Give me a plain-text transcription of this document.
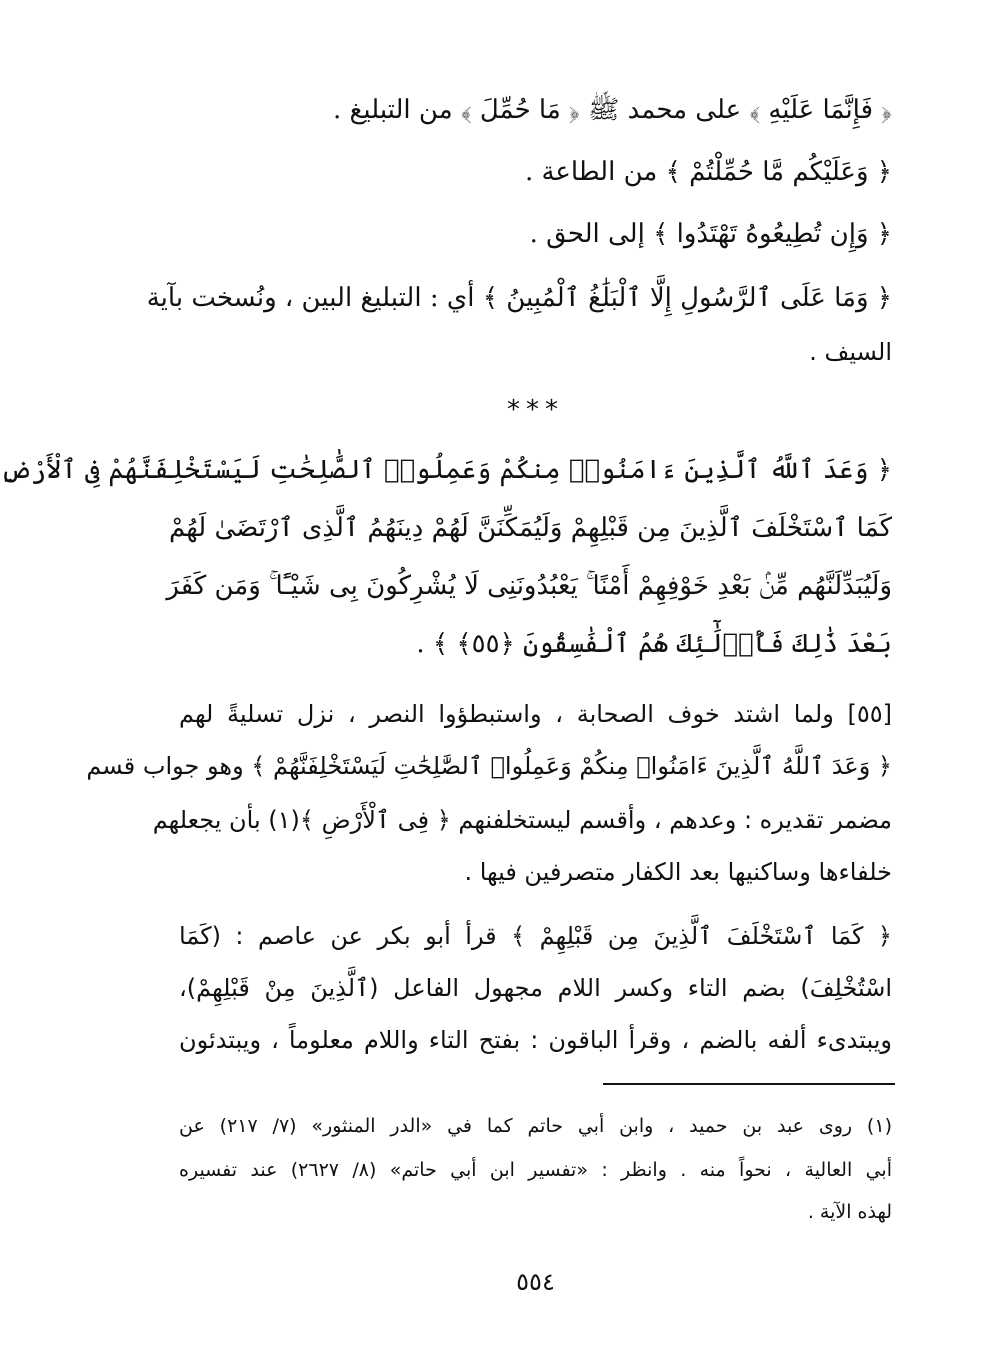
﴿ فَإِنَّمَا عَلَيْهِ ﴾ على محمد ﷺ ﴿ مَا حُمِّلَ ﴾ من التبليغ .
﴿ وَعَلَيْكُم مَّا حُمِّلْتُمْ ﴾ من الطاعة .
﴿ وَإِن تُطِيعُوهُ تَهْتَدُوا ﴾ إلى الحق .
﴿ وَمَا عَلَى ٱلرَّسُولِ إِلَّا ٱلْبَلَٰغُ ٱلْمُبِينُ ﴾ أي : التبليغ البين ، ونُسخت بآية
السيف .
***
﴿ وَعَدَ ٱللَّهُ ٱلَّذِينَ ءَامَنُوا۟ مِنكُمْ وَعَمِلُوا۟ ٱلصَّٰلِحَٰتِ لَيَسْتَخْلِفَنَّهُمْ فِى ٱلْأَرْضِ
كَمَا ٱسْتَخْلَفَ ٱلَّذِينَ مِن قَبْلِهِمْ وَلَيُمَكِّنَنَّ لَهُمْ دِينَهُمُ ٱلَّذِى ٱرْتَضَىٰ لَهُمْ
وَلَيُبَدِّلَنَّهُم مِّنۢ بَعْدِ خَوْفِهِمْ أَمْنًا ۚ يَعْبُدُونَنِى لَا يُشْرِكُونَ بِى شَيْـًٔا ۚ وَمَن كَفَرَ
بَعْدَ ذَٰلِكَ فَأُو۟لَٰٓئِكَ هُمُ ٱلْفَٰسِقُونَ ﴿٥٥﴾ ﴾ .
[٥٥] ولما اشتد خوف الصحابة ، واستبطؤوا النصر ، نزل تسليةً لهم
﴿ وَعَدَ ٱللَّهُ ٱلَّذِينَ ءَامَنُوا۟ مِنكُمْ وَعَمِلُوا۟ ٱلصَّٰلِحَٰتِ لَيَسْتَخْلِفَنَّهُمْ ﴾ وهو جواب قسم
مضمر تقديره : وعدهم ، وأقسم ليستخلفنهم ﴿ فِى ٱلْأَرْضِ ﴾(١) بأن يجعلهم
خلفاءها وساكنيها بعد الكفار متصرفين فيها .
﴿ كَمَا ٱسْتَخْلَفَ ٱلَّذِينَ مِن قَبْلِهِمْ ﴾ قرأ أبو بكر عن عاصم : (كَمَا
اسْتُخْلِفَ) بضم التاء وكسر اللام مجهول الفاعل (ٱلَّذِينَ مِنْ قَبْلِهِمْ)،
ويبتدىء ألفه بالضم ، وقرأ الباقون : بفتح التاء واللام معلوماً ، ويبتدئون
(١) روى عبد بن حميد ، وابن أبي حاتم كما في «الدر المنثور» (٧/ ٢١٧) عن
أبي العالية ، نحواً منه . وانظر : «تفسير ابن أبي حاتم» (٨/ ٢٦٢٧) عند تفسيره
لهذه الآية .
٥٥٤
